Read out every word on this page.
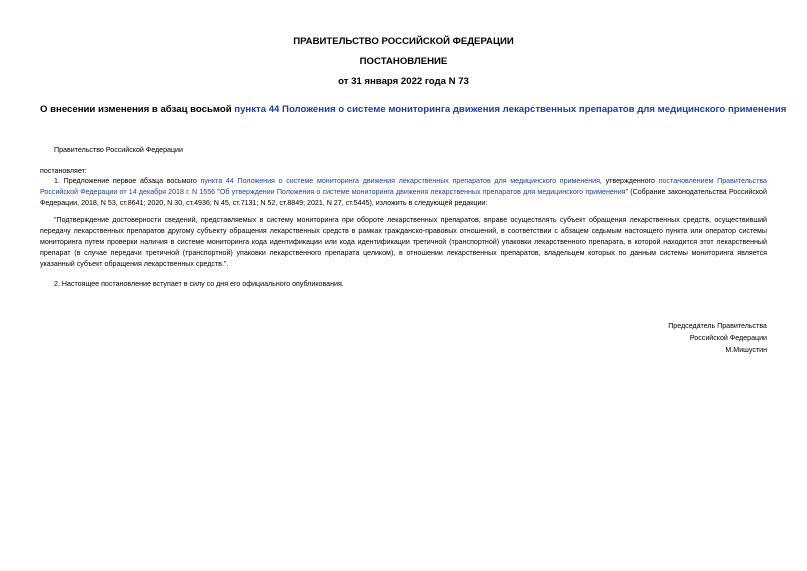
ПРАВИТЕЛЬСТВО РОССИЙСКОЙ ФЕДЕРАЦИИ
ПОСТАНОВЛЕНИЕ
от 31 января 2022 года N 73
О внесении изменения в абзац восьмой пункта 44 Положения о системе мониторинга движения лекарственных препаратов для медицинского применения
Правительство Российской Федерации
постановляет:
1. Предложение первое абзаца восьмого пункта 44 Положения о системе мониторинга движения лекарственных препаратов для медицинского применения, утвержденного постановлением Правительства Российской Федерации от 14 декабря 2018 г. N 1556 "Об утверждении Положения о системе мониторинга движения лекарственных препаратов для медицинского применения" (Собрание законодательства Российской Федерации, 2018, N 53, ст.8641; 2020, N 30, ст.4936; N 45, ст.7131; N 52, ст.8849; 2021, N 27, ст.5445), изложить в следующей редакции:
"Подтверждение достоверности сведений, представляемых в систему мониторинга при обороте лекарственных препаратов, вправе осуществлять субъект обращения лекарственных средств, осуществивший передачу лекарственных препаратов другому субъекту обращения лекарственных средств в рамках гражданско-правовых отношений, в соответствии с абзацем седьмым настоящего пункта или оператор системы мониторинга путем проверки наличия в системе мониторинга кода идентификации или кода идентификации третичной (транспортной) упаковки лекарственного препарата, в которой находится этот лекарственный препарат (в случае передачи третичной (транспортной) упаковки лекарственного препарата целиком), в отношении лекарственных препаратов, владельцем которых по данным системы мониторинга является указанный субъект обращения лекарственных средств.".
2. Настоящее постановление вступает в силу со дня его официального опубликования.
Председатель Правительства
Российской Федерации
М.Мишустин
